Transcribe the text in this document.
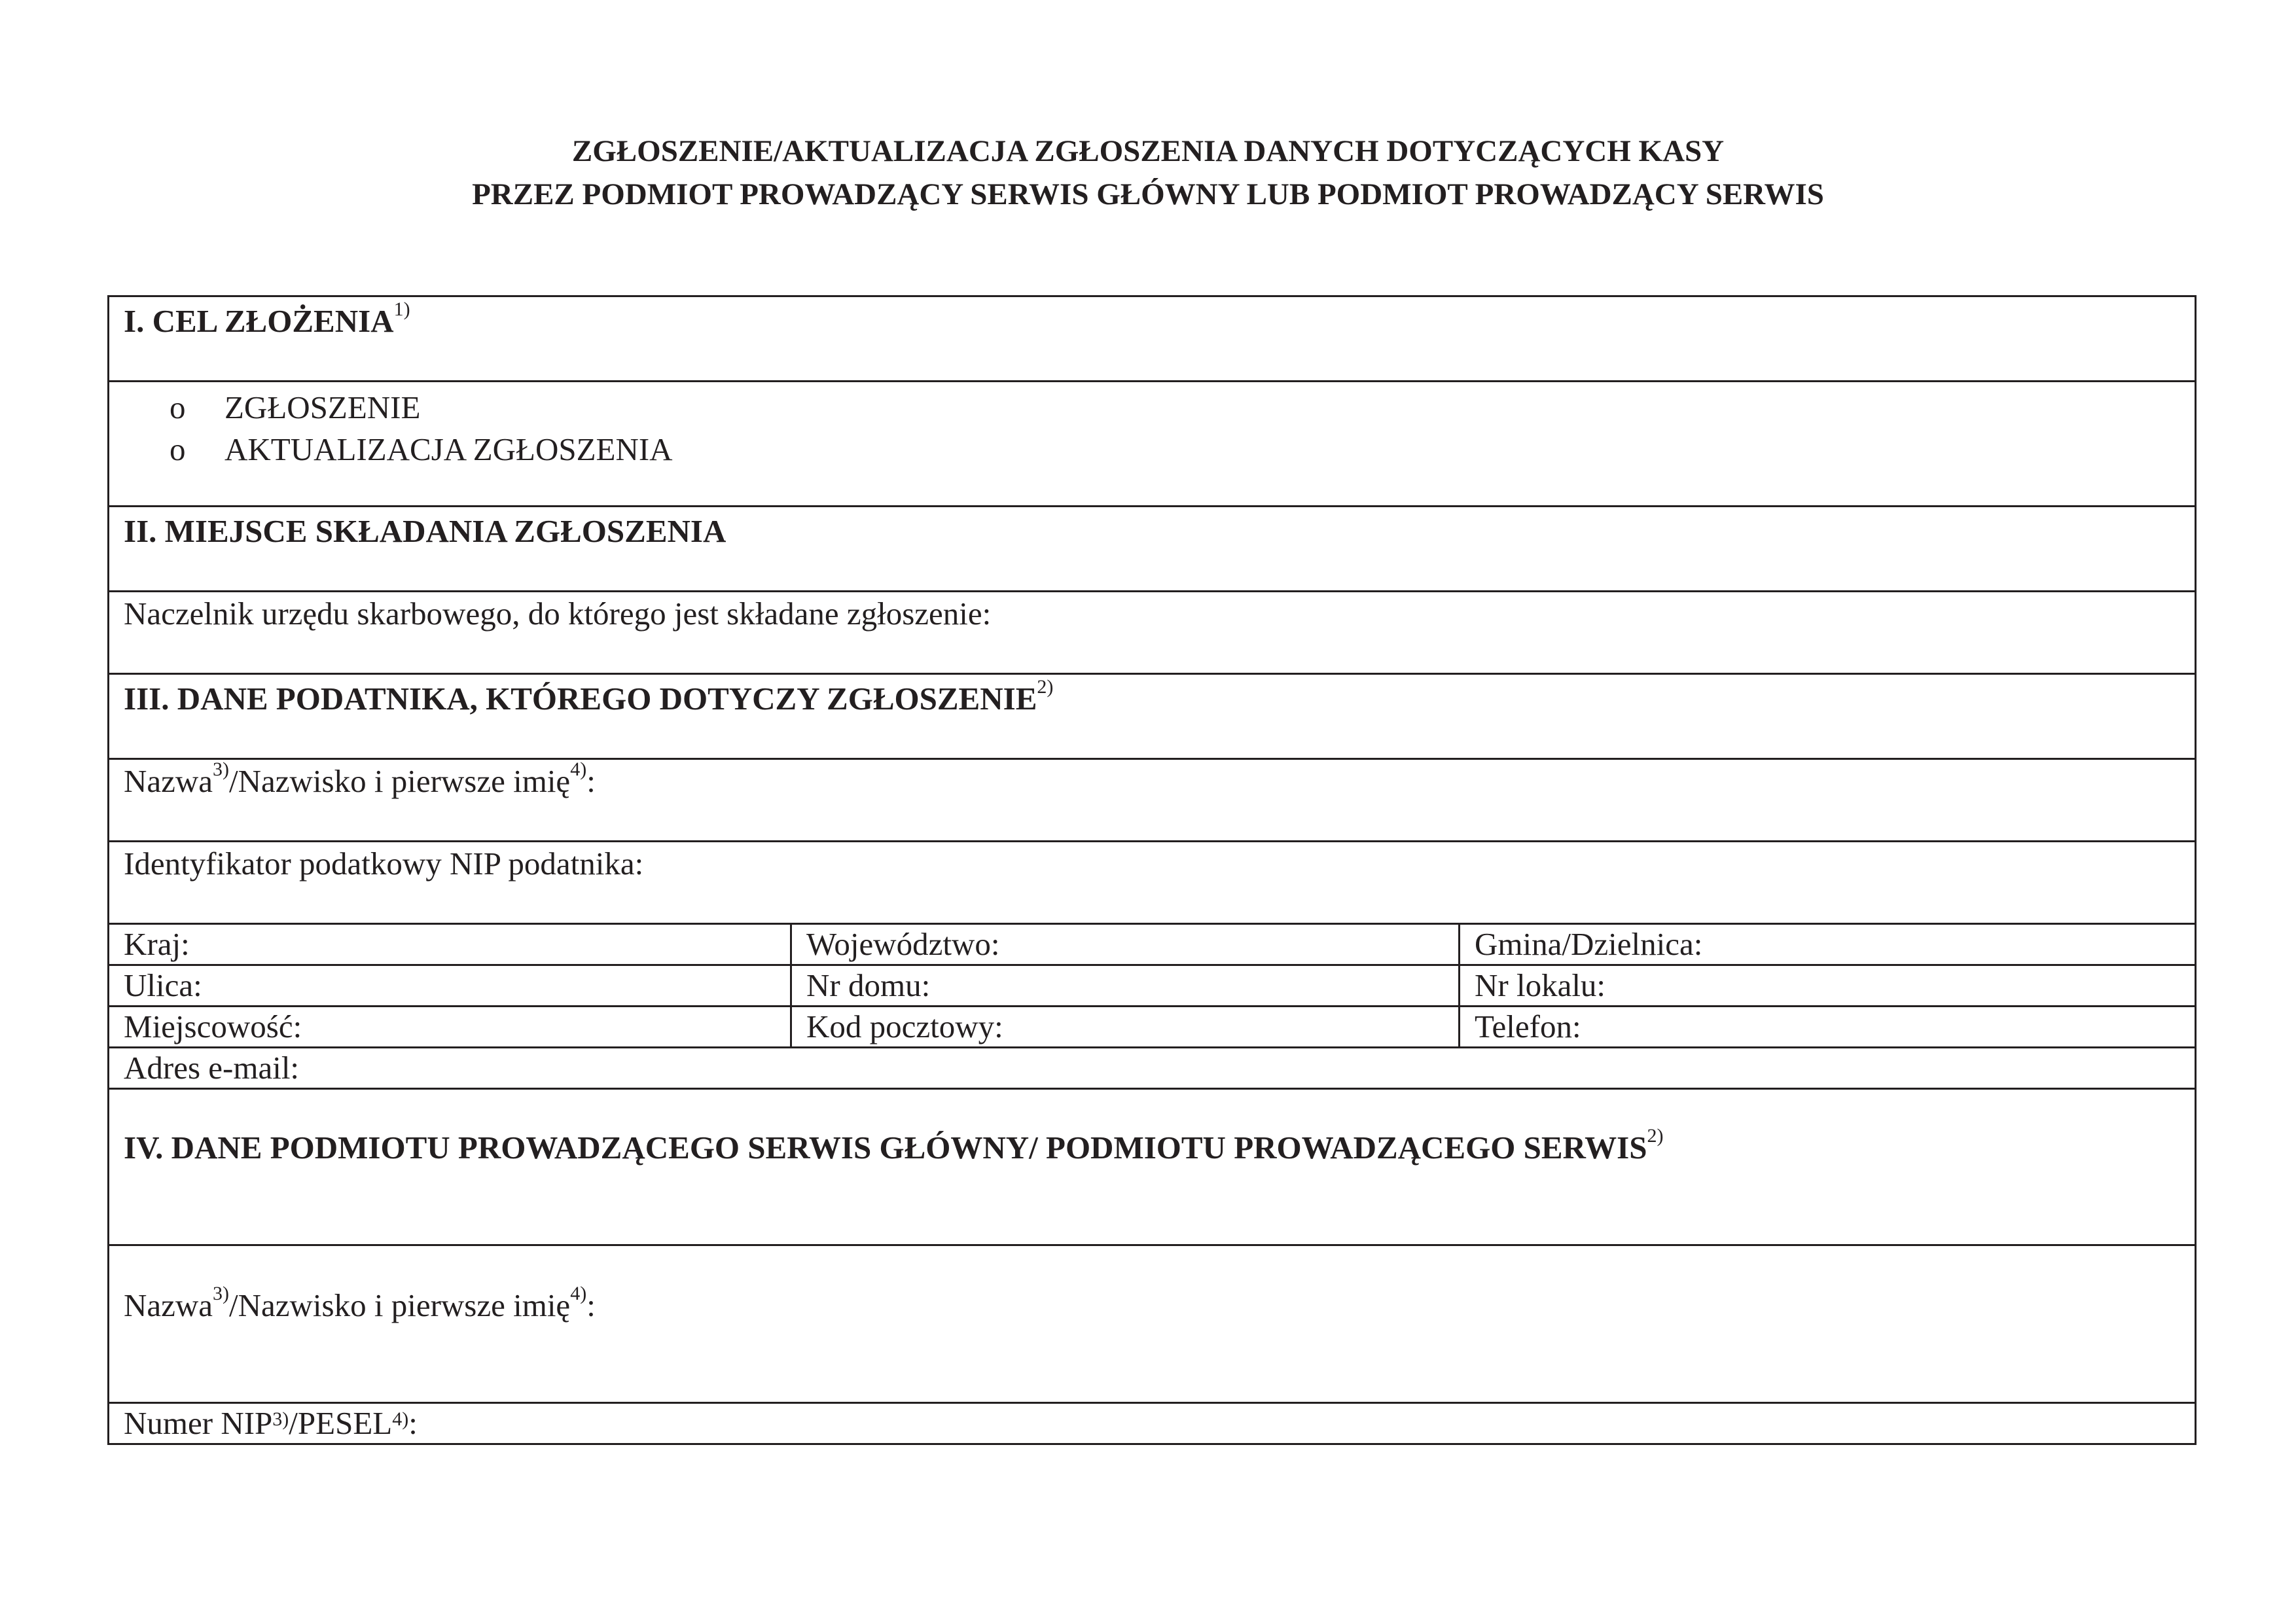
ZGŁOSZENIE/AKTUALIZACJA ZGŁOSZENIA DANYCH DOTYCZĄCYCH KASY
PRZEZ PODMIOT PROWADZĄCY SERWIS GŁÓWNY LUB PODMIOT PROWADZĄCY SERWIS
I. CEL ZŁOŻENIA$^{1)}$

o ZGŁOSZENIE
o AKTUALIZACJA ZGŁOSZENIA		

II. MIEJSCE SKŁADANIA ZGŁOSZENIA		
Naczelnik urzędu skarbowego, do którego jest składane zgłoszenie:		
III. DANE PODATNIKA, KTÓREGO DOTYCZY ZGŁOSZENIE$^{2)}$
Nazwa$^{3)}$/Nazwisko i pierwsze imię$^{4)}$:		
Identyfikator podatkowy NIP podatnika:		
Kraj:	Województwo:	Gmina/Dzielnica:
Ulica:	Nr domu:	Nr lokalu:
Miejscowość:	Kod pocztowy:	Telefon:
Adres e-mail:		
IV. DANE PODMIOTU PROWADZĄCEGO SERWIS GŁÓWNY/ PODMIOTU PROWADZĄCEGO SERWIS$^{2)}$
Nazwa$^{3)}$/Nazwisko i pierwsze imię$^{4)}$:		
Numer NIP$^{3)}$/PESEL$^{4)}$:		
